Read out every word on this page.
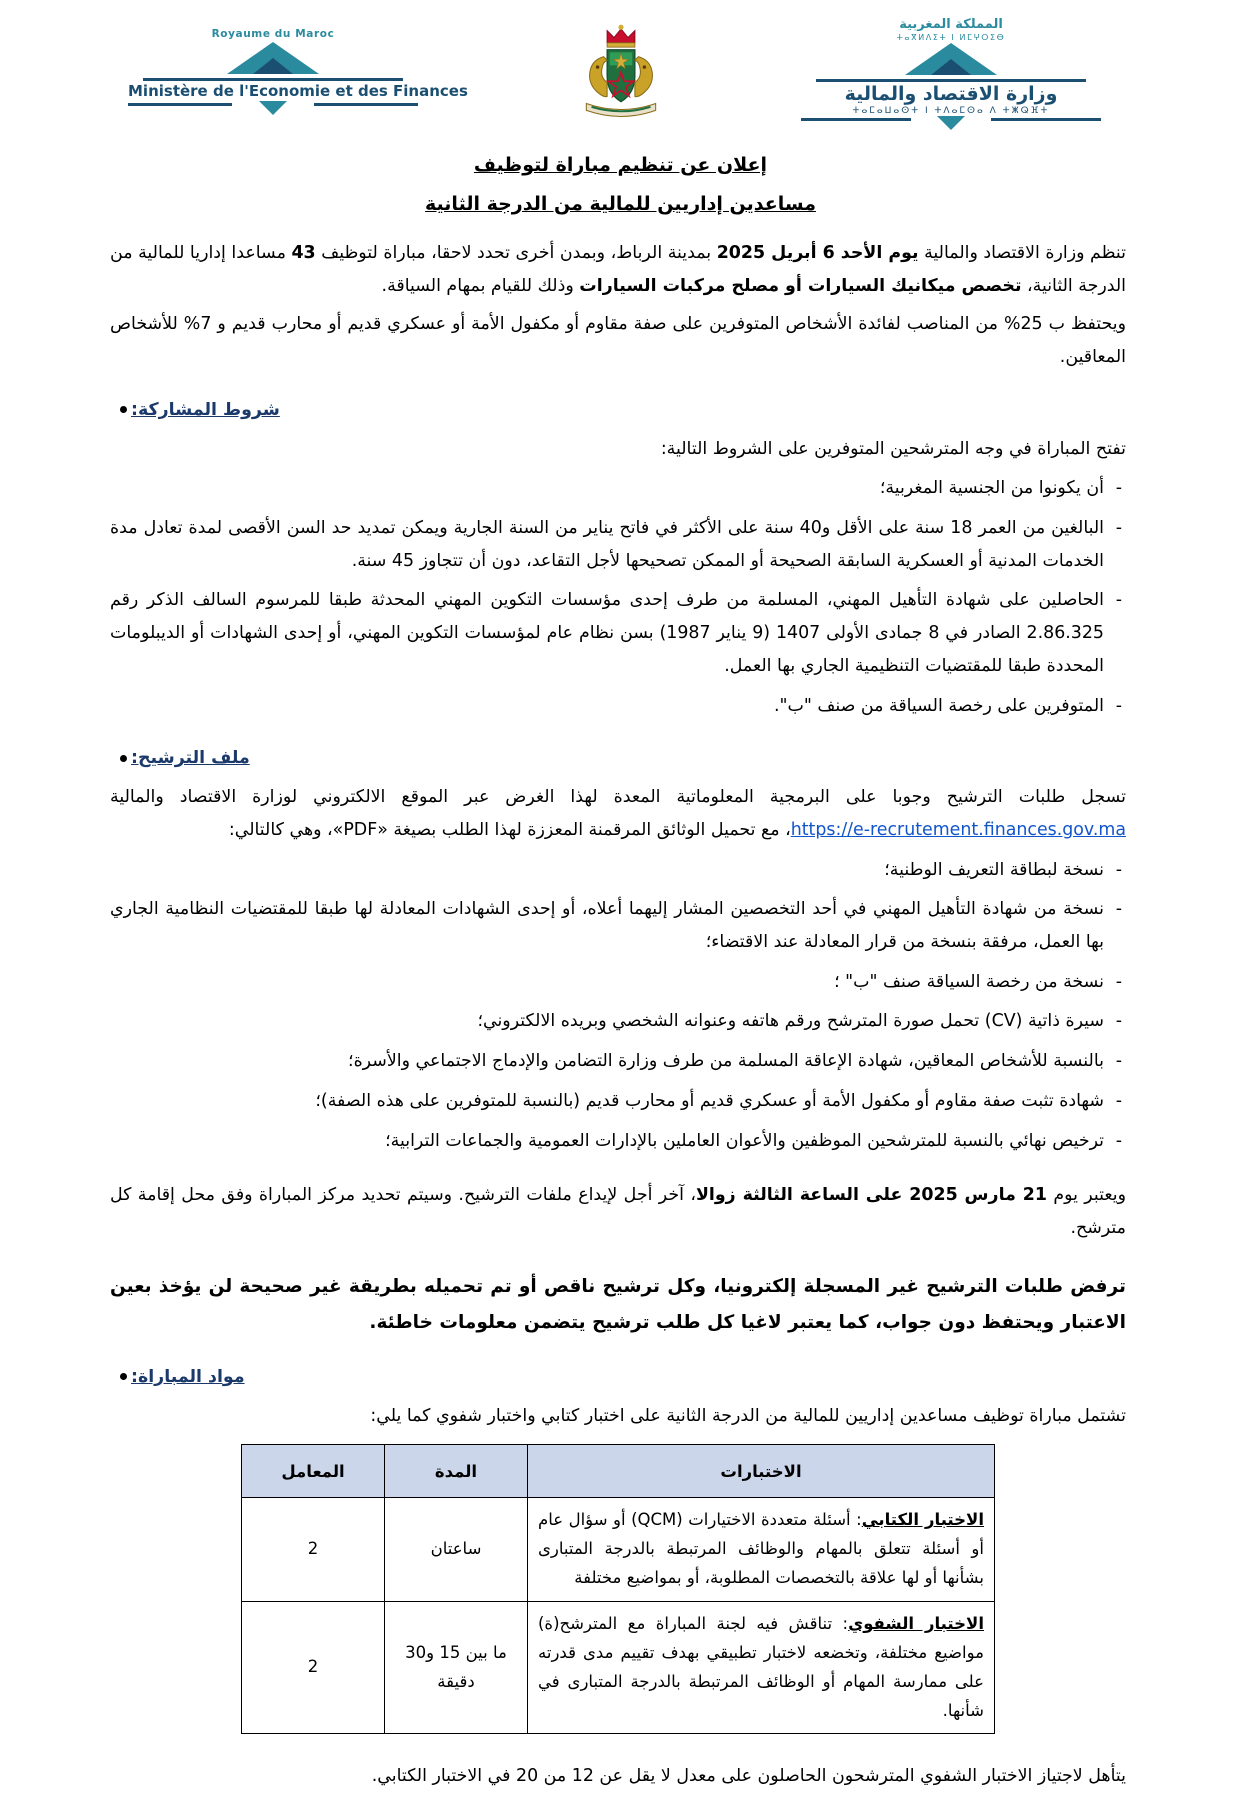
Royaume du Maroc
Ministère de l'Economie et des Finances
المملكة المغربية
ⵜⴰⴳⵍⴷⵉⵜ ⵏ ⵍⵎⵖⵔⵉⴱ
وزارة الاقتصاد والمالية
ⵜⴰⵎⴰⵡⴰⵙⵜ ⵏ ⵜⴷⴰⵎⵙⴰ ⴷ ⵜⵥⵕⴼⵜ
إعلان عن تنظيم مباراة لتوظيف
مساعدين إداريين للمالية من الدرجة الثانية
تنظم وزارة الاقتصاد والمالية يوم الأحد 6 أبريل 2025 بمدينة الرباط، وبمدن أخرى تحدد لاحقا، مباراة لتوظيف 43 مساعدا إداريا للمالية من الدرجة الثانية، تخصص ميكانيك السيارات أو مصلح مركبات السيارات وذلك للقيام بمهام السياقة.
ويحتفظ ب 25% من المناصب لفائدة الأشخاص المتوفرين على صفة مقاوم أو مكفول الأمة أو عسكري قديم أو محارب قديم و 7% للأشخاص المعاقين.
شروط المشاركة:
تفتح المباراة في وجه المترشحين المتوفرين على الشروط التالية:
- أن يكونوا من الجنسية المغربية؛
- البالغين من العمر 18 سنة على الأقل و40 سنة على الأكثر في فاتح يناير من السنة الجارية ويمكن تمديد حد السن الأقصى لمدة تعادل مدة الخدمات المدنية أو العسكرية السابقة الصحيحة أو الممكن تصحيحها لأجل التقاعد، دون أن تتجاوز 45 سنة.
- الحاصلين على شهادة التأهيل المهني، المسلمة من طرف إحدى مؤسسات التكوين المهني المحدثة طبقا للمرسوم السالف الذكر رقم 2.86.325 الصادر في 8 جمادى الأولى 1407 (9 يناير 1987) بسن نظام عام لمؤسسات التكوين المهني، أو إحدى الشهادات أو الديبلومات المحددة طبقا للمقتضيات التنظيمية الجاري بها العمل.
- المتوفرين على رخصة السياقة من صنف "ب".
ملف الترشيح:
تسجل طلبات الترشيح وجوبا على البرمجية المعلوماتية المعدة لهذا الغرض عبر الموقع الالكتروني لوزارة الاقتصاد والمالية https://e-recrutement.finances.gov.ma، مع تحميل الوثائق المرقمنة المعززة لهذا الطلب بصيغة «PDF»، وهي كالتالي:
- نسخة لبطاقة التعريف الوطنية؛
- نسخة من شهادة التأهيل المهني في أحد التخصصين المشار إليهما أعلاه، أو إحدى الشهادات المعادلة لها طبقا للمقتضيات النظامية الجاري بها العمل، مرفقة بنسخة من قرار المعادلة عند الاقتضاء؛
- نسخة من رخصة السياقة صنف "ب" ؛
- سيرة ذاتية (CV) تحمل صورة المترشح ورقم هاتفه وعنوانه الشخصي وبريده الالكتروني؛
- بالنسبة للأشخاص المعاقين، شهادة الإعاقة المسلمة من طرف وزارة التضامن والإدماج الاجتماعي والأسرة؛
- شهادة تثبت صفة مقاوم أو مكفول الأمة أو عسكري قديم أو محارب قديم (بالنسبة للمتوفرين على هذه الصفة)؛
- ترخيص نهائي بالنسبة للمترشحين الموظفين والأعوان العاملين بالإدارات العمومية والجماعات الترابية؛
ويعتبر يوم 21 مارس 2025 على الساعة الثالثة زوالا، آخر أجل لإيداع ملفات الترشيح. وسيتم تحديد مركز المباراة وفق محل إقامة كل مترشح.
ترفض طلبات الترشيح غير المسجلة إلكترونيا، وكل ترشيح ناقص أو تم تحميله بطريقة غير صحيحة لن يؤخذ بعين الاعتبار ويحتفظ دون جواب، كما يعتبر لاغيا كل طلب ترشيح يتضمن معلومات خاطئة.
مواد المباراة:
تشتمل مباراة توظيف مساعدين إداريين للمالية من الدرجة الثانية على اختبار كتابي واختبار شفوي كما يلي:
الاختبارات	المدة	المعامل
الاختبار الكتابي: أسئلة متعددة الاختيارات (QCM) أو سؤال عام أو أسئلة تتعلق بالمهام والوظائف المرتبطة بالدرجة المتبارى بشأنها أو لها علاقة بالتخصصات المطلوبة، أو بمواضيع مختلفة	ساعتان	2
الاختبار الشفوي: تناقش فيه لجنة المباراة مع المترشح(ة) مواضيع مختلفة، وتخضعه لاختبار تطبيقي بهدف تقييم مدى قدرته على ممارسة المهام أو الوظائف المرتبطة بالدرجة المتبارى في شأنها.	ما بين 15 و30 دقيقة	2
يتأهل لاجتياز الاختبار الشفوي المترشحون الحاصلون على معدل لا يقل عن 12 من 20 في الاختبار الكتابي.
